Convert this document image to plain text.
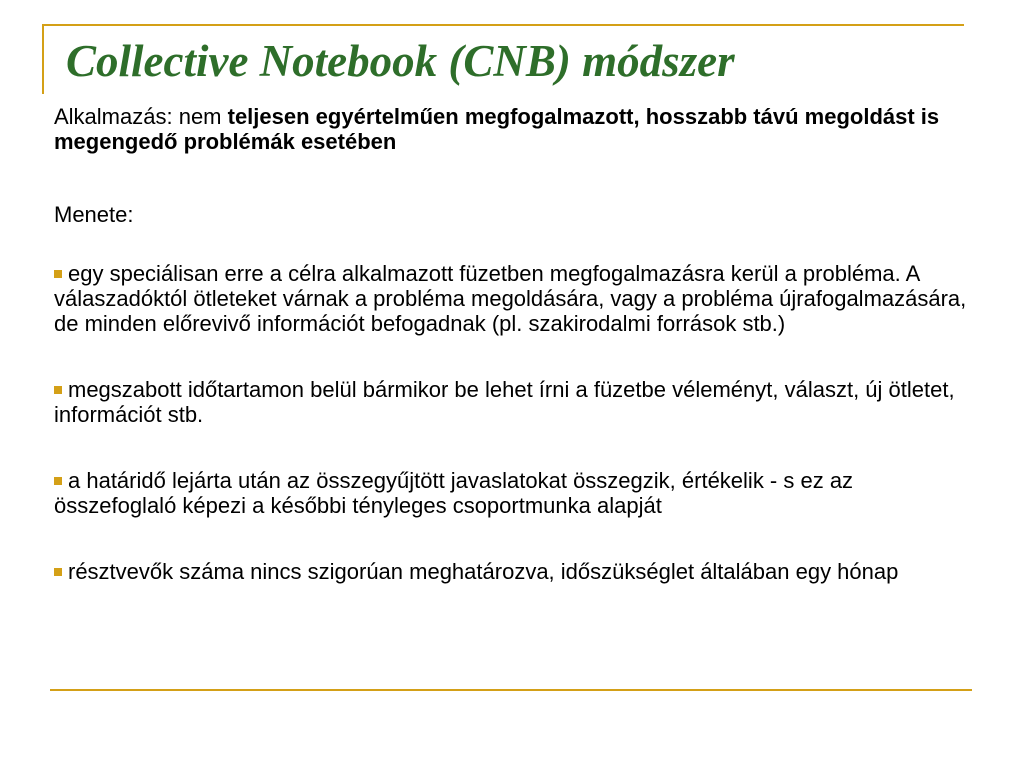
Collective Notebook (CNB) módszer

Alkalmazás: nem teljesen egyértelműen megfogalmazott, hosszabb távú megoldást is megengedő problémák esetében

Menete:

egy speciálisan erre a célra alkalmazott füzetben megfogalmazásra kerül a probléma. A válaszadóktól ötleteket várnak a probléma megoldására, vagy a probléma újrafogalmazására, de minden előrevivő információt befogadnak (pl. szakirodalmi források stb.)

megszabott időtartamon belül bármikor be lehet írni a füzetbe véleményt, választ, új ötletet, információt stb.

a határidő lejárta után az összegyűjtött javaslatokat összegzik, értékelik - s ez az összefoglaló képezi a későbbi tényleges csoportmunka alapját

résztvevők száma nincs szigorúan meghatározva, időszükséglet általában egy hónap
